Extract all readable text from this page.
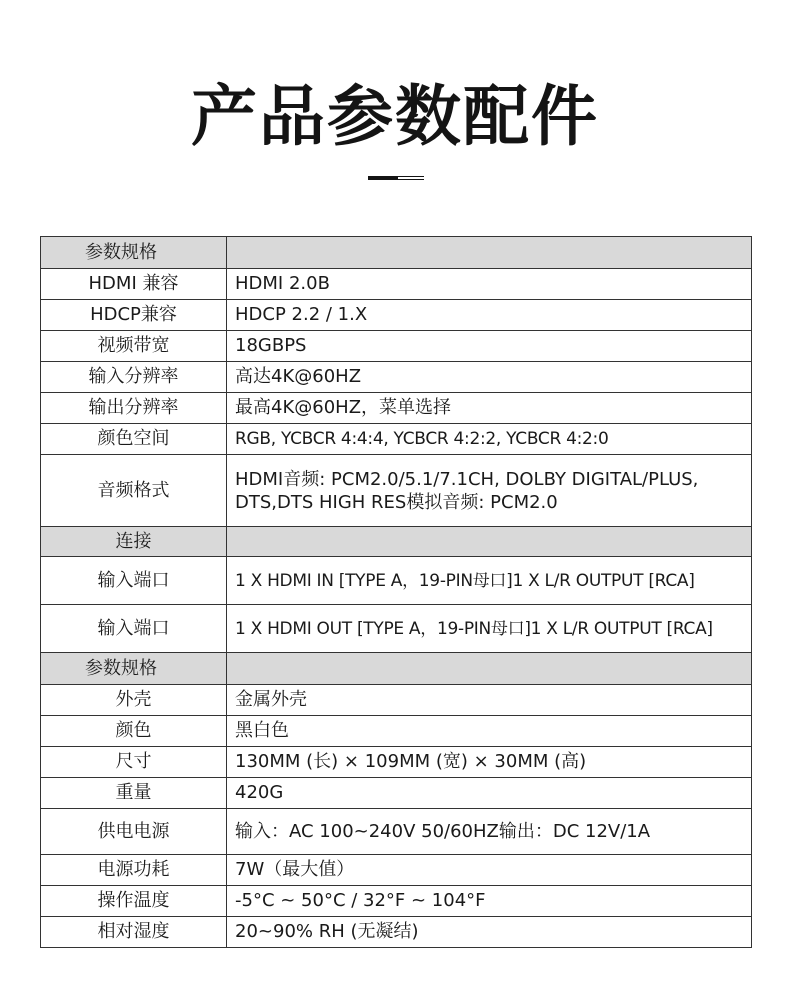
产品参数配件
参数规格	
HDMI 兼容	HDMI 2.0B
HDCP兼容	HDCP 2.2 / 1.X
视频带宽	18GBPS
输入分辨率	高达4K@60HZ
输出分辨率	最高4K@60HZ，菜单选择
颜色空间	RGB, YCBCR 4:4:4, YCBCR 4:2:2, YCBCR 4:2:0
音频格式	HDMI音频: PCM2.0/5.1/7.1CH, DOLBY DIGITAL/PLUS, DTS,DTS HIGH RES模拟音频: PCM2.0
连接	
输入端口	1 X HDMI IN [TYPE A，19-PIN母口]1 X L/R OUTPUT [RCA]
输入端口	1 X HDMI OUT [TYPE A，19-PIN母口]1 X L/R OUTPUT [RCA]
参数规格	
外壳	金属外壳
颜色	黑白色
尺寸	130MM (长) × 109MM (宽) × 30MM (高)
重量	420G
供电电源	输入：AC 100~240V 50/60HZ输出：DC 12V/1A
电源功耗	7W（最大值）
操作温度	-5°C ~ 50°C / 32°F ~ 104°F
相对湿度	20~90% RH (无凝结)
